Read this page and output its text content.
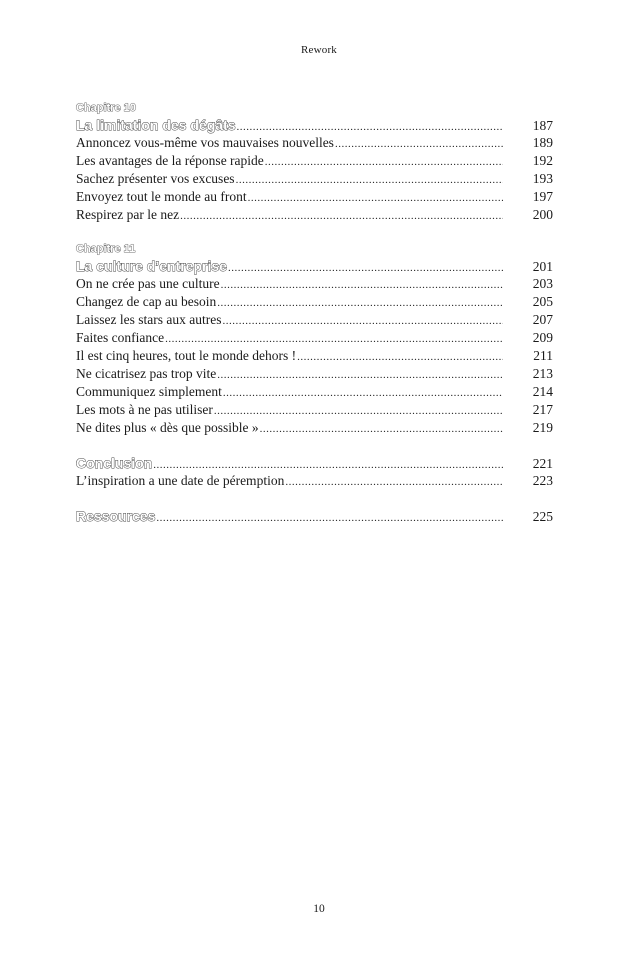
Rework
Chapitre 10
La limitation des dégâts .....	187
Annoncez vous-même vos mauvaises nouvelles .....	189
Les avantages de la réponse rapide .....	192
Sachez présenter vos excuses .....	193
Envoyez tout le monde au front .....	197
Respirez par le nez .....	200
Chapitre 11
La culture d’entreprise .....	201
On ne crée pas une culture .....	203
Changez de cap au besoin .....	205
Laissez les stars aux autres .....	207
Faites confiance .....	209
Il est cinq heures, tout le monde dehors ! .....	211
Ne cicatrisez pas trop vite .....	213
Communiquez simplement .....	214
Les mots à ne pas utiliser .....	217
Ne dites plus « dès que possible » .....	219
Conclusion .....	221
L’inspiration a une date de péremption .....	223
Ressources .....	225
10
